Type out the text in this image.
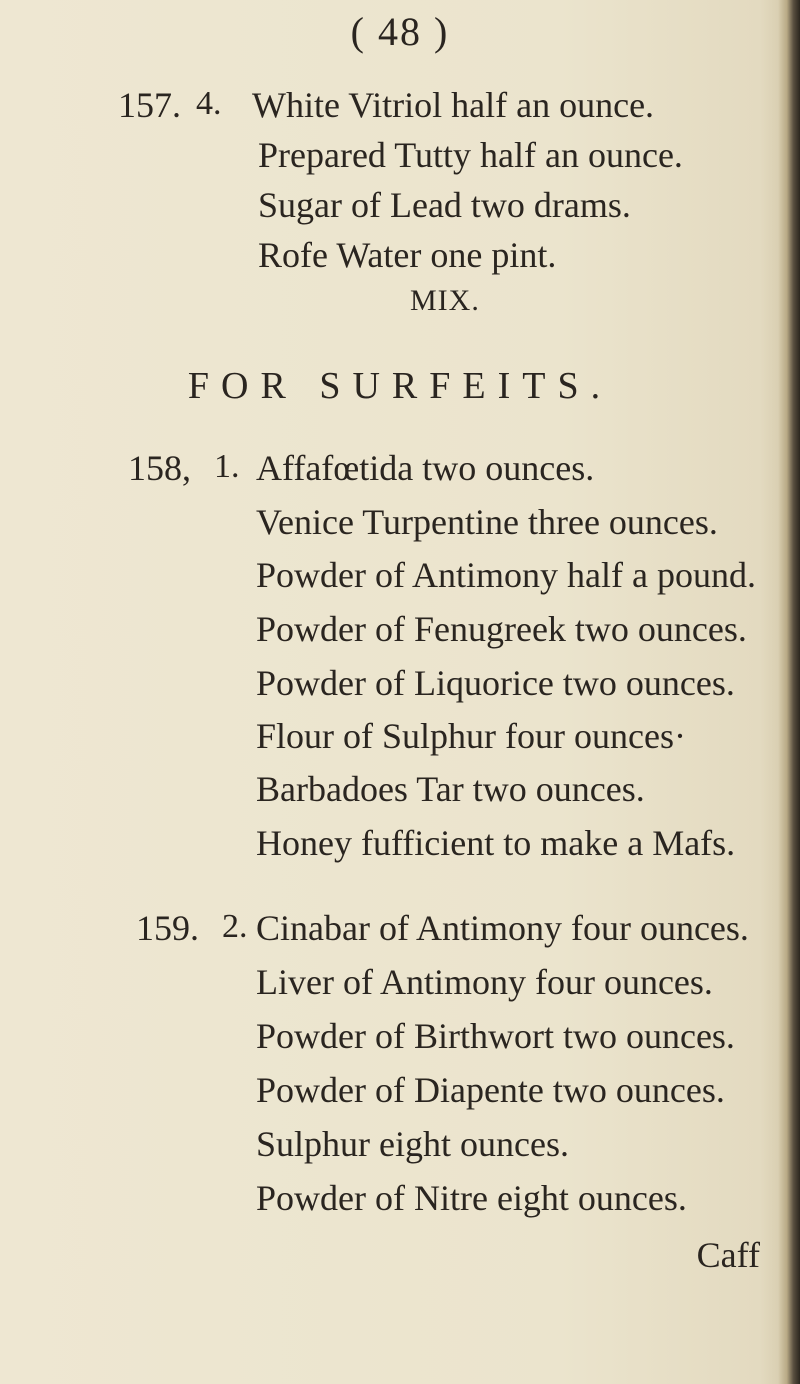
( 48 )
157. 4. White Vitriol half an ounce.
Prepared Tutty half an ounce.
Sugar of Lead two drams.
Rofe Water one pint.
MIX.
FOR SURFEITS.
158, 1. Affafœtida two ounces.
Venice Turpentine three ounces.
Powder of Antimony half a pound.
Powder of Fenugreek two ounces.
Powder of Liquorice two ounces.
Flour of Sulphur four ounces·
Barbadoes Tar two ounces.
Honey fufficient to make a Mafs.
159. 2. Cinabar of Antimony four ounces.
Liver of Antimony four ounces.
Powder of Birthwort two ounces.
Powder of Diapente two ounces.
Sulphur eight ounces.
Powder of Nitre eight ounces.
Caff
